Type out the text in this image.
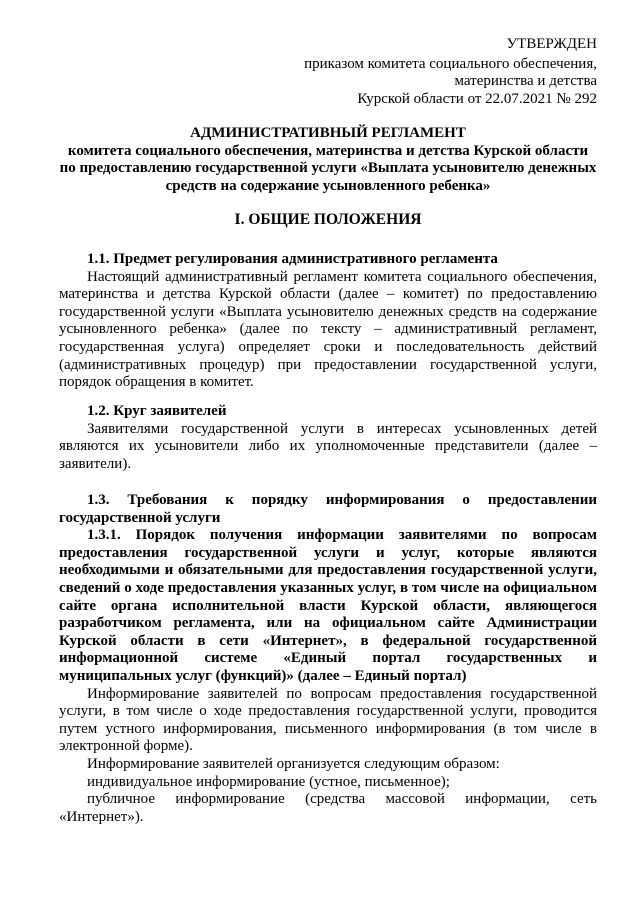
УТВЕРЖДЕН
приказом комитета социального обеспечения,
материнства и детства
Курской области от 22.07.2021 № 292
АДМИНИСТРАТИВНЫЙ РЕГЛАМЕНТ
комитета социального обеспечения, материнства и детства Курской области по предоставлению государственной услуги «Выплата усыновителю денежных средств на содержание усыновленного ребенка»
I. ОБЩИЕ ПОЛОЖЕНИЯ

1.1. Предмет регулирования административного регламента

Настоящий административный регламент комитета социального обеспечения, материнства и детства Курской области (далее – комитет) по предоставлению государственной услуги «Выплата усыновителю денежных средств на содержание усыновленного ребенка» (далее по тексту – административный регламент, государственная услуга) определяет сроки и последовательность действий (административных процедур) при предоставлении государственной услуги, порядок обращения в комитет.

1.2. Круг заявителей

Заявителями государственной услуги в интересах усыновленных детей являются их усыновители либо их уполномоченные представители (далее – заявители).

1.3. Требования к порядку информирования о предоставлении государственной услуги

1.3.1. Порядок получения информации заявителями по вопросам предоставления государственной услуги и услуг, которые являются необходимыми и обязательными для предоставления государственной услуги, сведений о ходе предоставления указанных услуг, в том числе на официальном сайте органа исполнительной власти Курской области, являющегося разработчиком регламента, или на официальном сайте Администрации Курской области в сети «Интернет», в федеральной государственной информационной системе «Единый портал государственных и муниципальных услуг (функций)» (далее – Единый портал)

Информирование заявителей по вопросам предоставления государственной услуги, в том числе о ходе предоставления государственной услуги, проводится путем устного информирования, письменного информирования (в том числе в электронной форме).

Информирование заявителей организуется следующим образом:

индивидуальное информирование (устное, письменное);

публичное информирование (средства массовой информации, сеть «Интернет»).
